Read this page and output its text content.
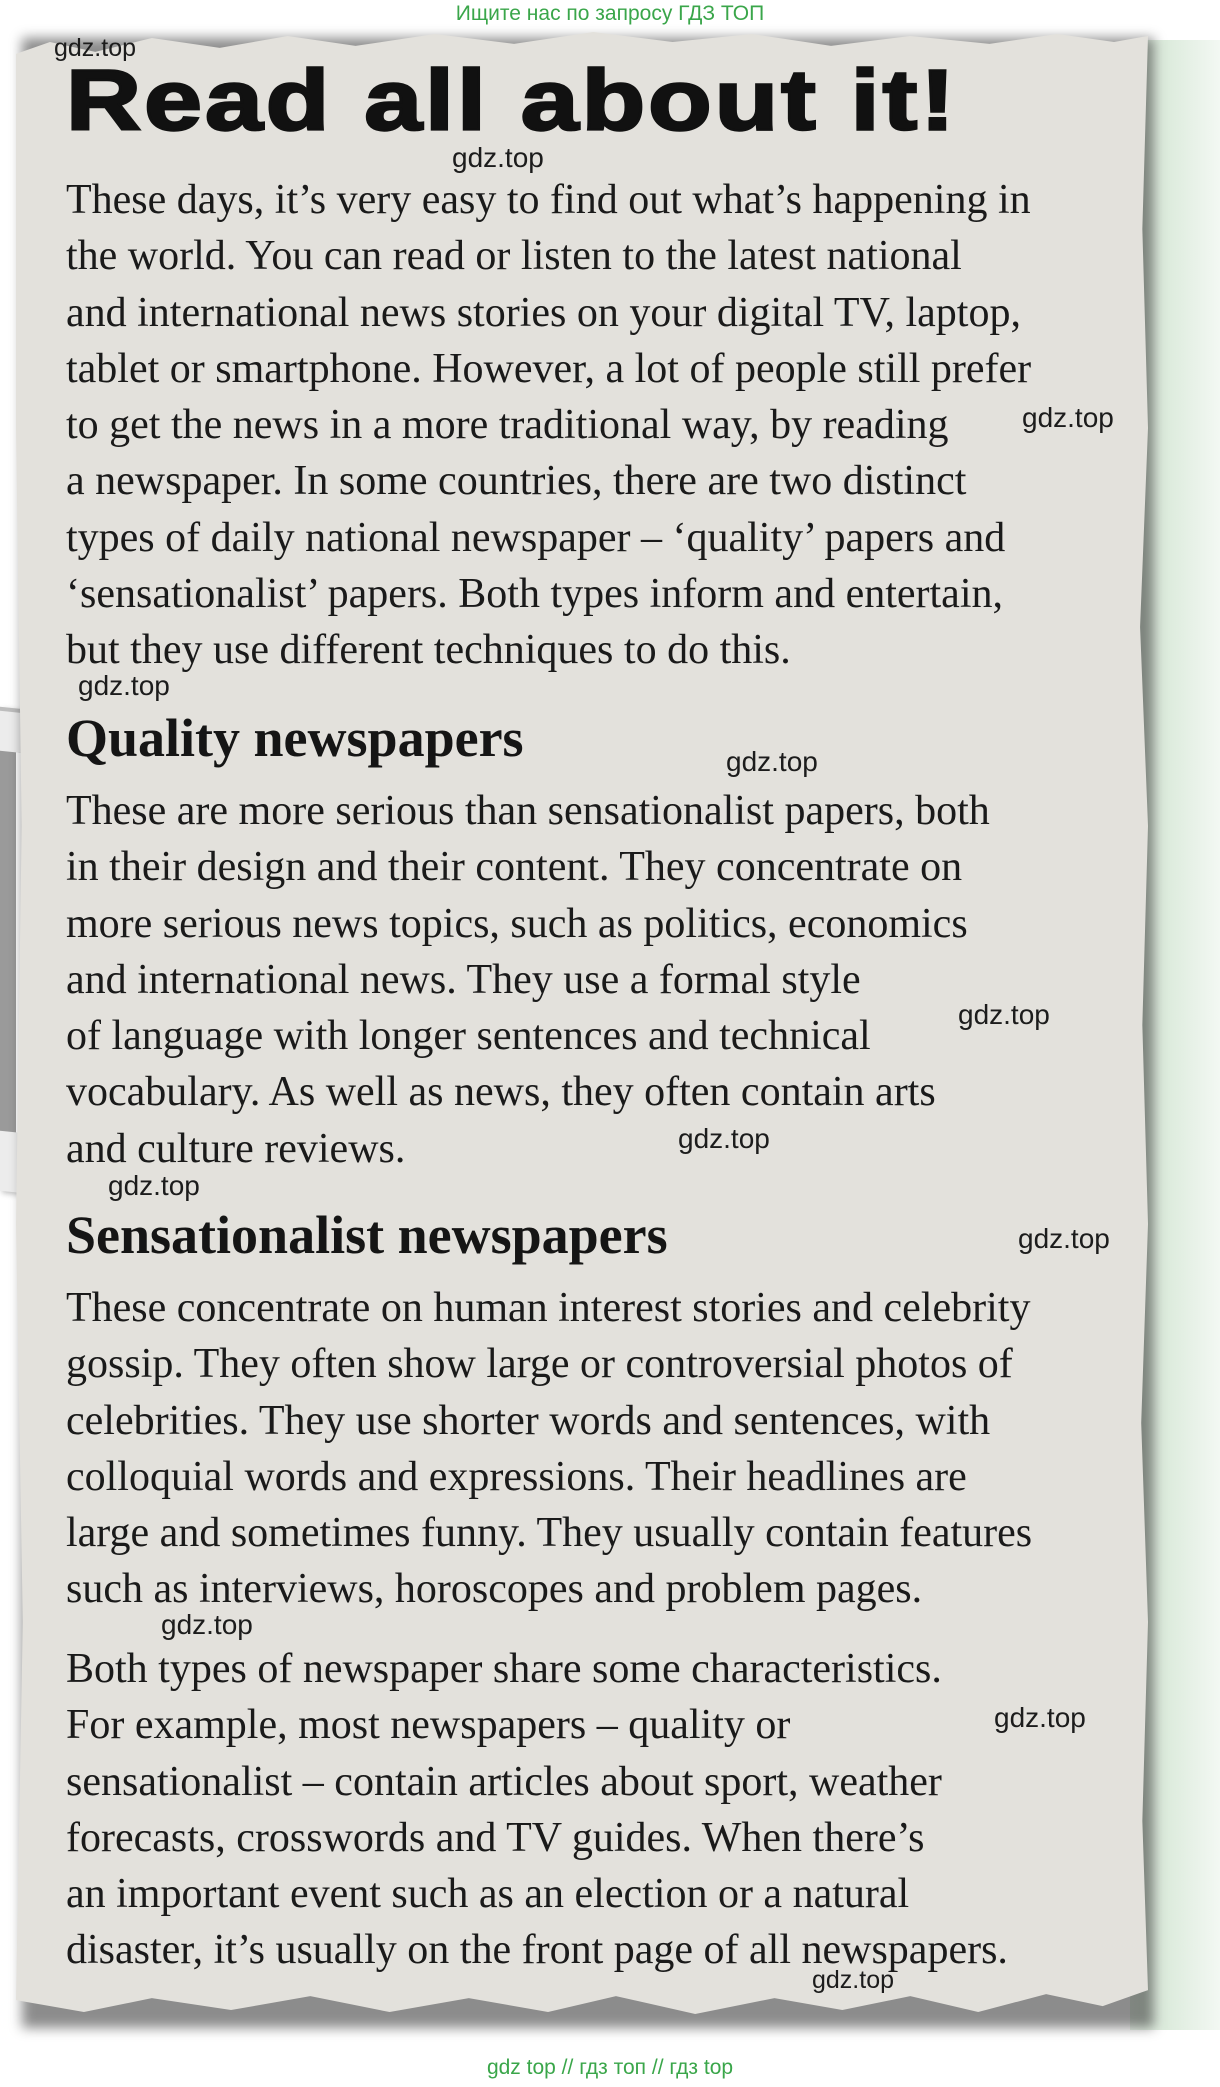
Ищите нас по запросу ГДЗ ТОП
Read all about it!
These days, it’s very easy to find out what’s happening in
the world. You can read or listen to the latest national
and international news stories on your digital TV, laptop,
tablet or smartphone. However, a lot of people still prefer
to get the news in a more traditional way, by reading
a newspaper. In some countries, there are two distinct
types of daily national newspaper – ‘quality’ papers and
‘sensationalist’ papers. Both types inform and entertain,
but they use different techniques to do this.
Quality newspapers
These are more serious than sensationalist papers, both
in their design and their content. They concentrate on
more serious news topics, such as politics, economics
and international news. They use a formal style
of language with longer sentences and technical
vocabulary. As well as news, they often contain arts
and culture reviews.
Sensationalist newspapers
These concentrate on human interest stories and celebrity
gossip. They often show large or controversial photos of
celebrities. They use shorter words and sentences, with
colloquial words and expressions. Their headlines are
large and sometimes funny. They usually contain features
such as interviews, horoscopes and problem pages.
Both types of newspaper share some characteristics.
For example, most newspapers – quality or
sensationalist – contain articles about sport, weather
forecasts, crosswords and TV guides. When there’s
an important event such as an election or a natural
disaster, it’s usually on the front page of all newspapers.
gdz.top
gdz.top
gdz.top
gdz.top
gdz.top
gdz.top
gdz.top
gdz.top
gdz.top
gdz.top
gdz.top
gdz.top
gdz top // гдз топ // гдз top
